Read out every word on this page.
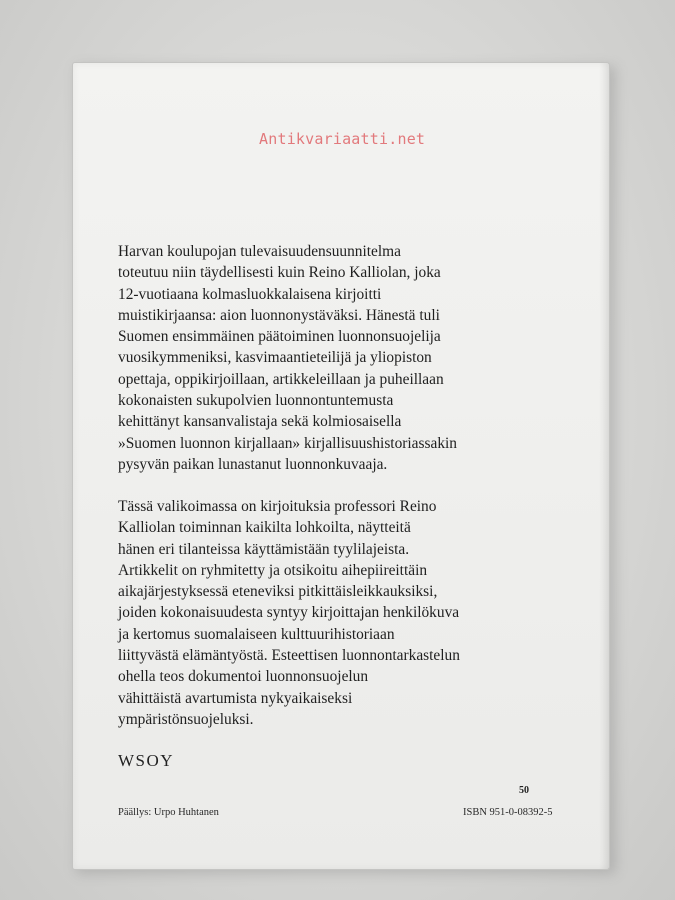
Antikvariaatti.net

Harvan koulupojan tulevaisuudensuunnitelma
toteutuu niin täydellisesti kuin Reino Kalliolan, joka
12-vuotiaana kolmasluokkalaisena kirjoitti
muistikirjaansa: aion luonnonystäväksi. Hänestä tuli
Suomen ensimmäinen päätoiminen luonnonsuojelija
vuosikymmeniksi, kasvimaantieteilijä ja yliopiston
opettaja, oppikirjoillaan, artikkeleillaan ja puheillaan
kokonaisten sukupolvien luonnontuntemusta
kehittänyt kansanvalistaja sekä kolmiosaisella
»Suomen luonnon kirjallaan» kirjallisuushistoriassakin
pysyvän paikan lunastanut luonnonkuvaaja.

Tässä valikoimassa on kirjoituksia professori Reino
Kalliolan toiminnan kaikilta lohkoilta, näytteitä
hänen eri tilanteissa käyttämistään tyylilajeista.
Artikkelit on ryhmitetty ja otsikoitu aihepiireittäin
aikajärjestyksessä eteneviksi pitkittäisleikkauksiksi,
joiden kokonaisuudesta syntyy kirjoittajan henkilökuva
ja kertomus suomalaiseen kulttuurihistoriaan
liittyvästä elämäntyöstä. Esteettisen luonnontarkastelun
ohella teos dokumentoi luonnonsuojelun
vähittäistä avartumista nykyaikaiseksi
ympäristönsuojeluksi.

WSOY
50
Päällys: Urpo Huhtanen	ISBN 951-0-08392-5
